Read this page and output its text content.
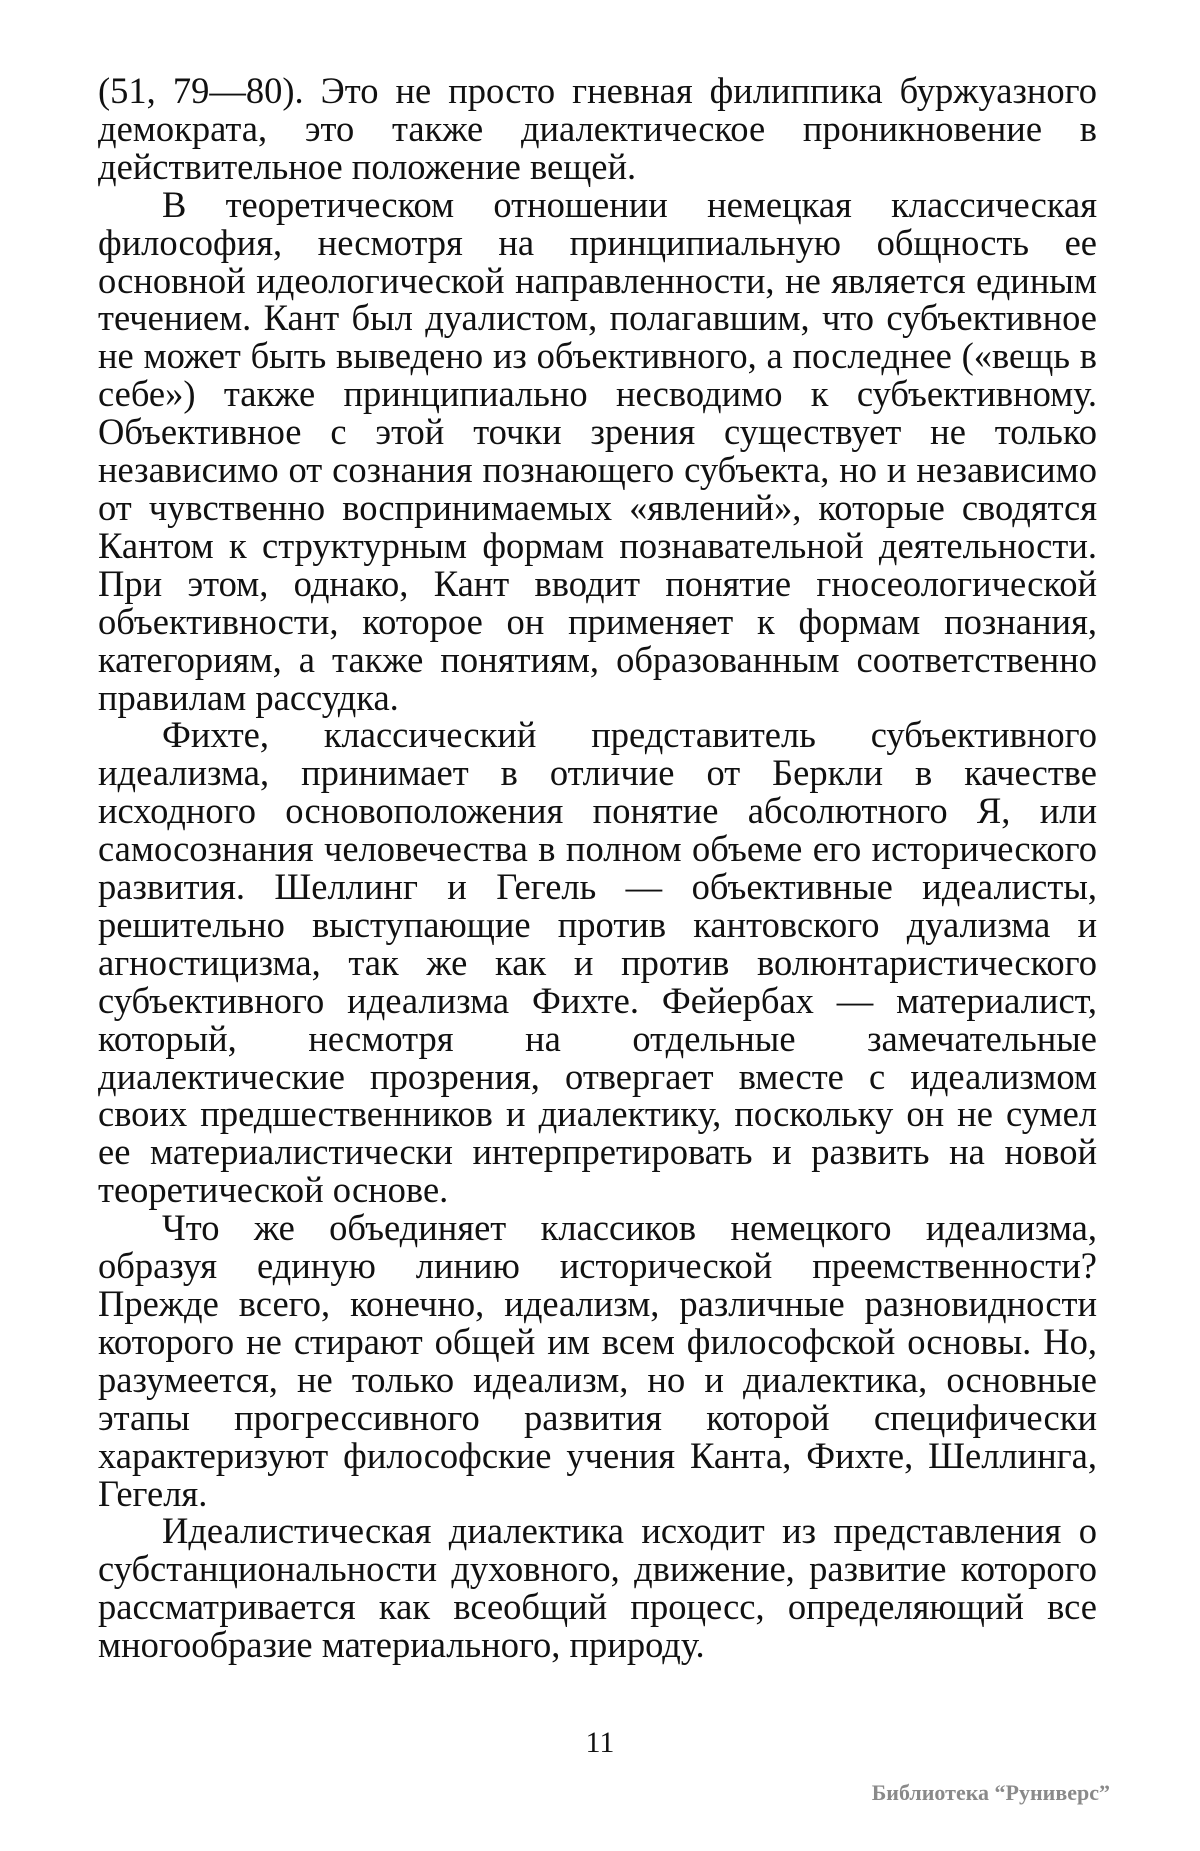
(51, 79—80). Это не просто гневная филиппика буржуазного демократа, это также диалектическое проникновение в действительное положение вещей.

В теоретическом отношении немецкая классическая философия, несмотря на принципиальную общность ее основной идеологической направленности, не является единым течением. Кант был дуалистом, полагавшим, что субъективное не может быть выведено из объективного, а последнее («вещь в себе») также принципиально несводимо к субъективному. Объективное с этой точки зрения существует не только независимо от сознания познающего субъекта, но и независимо от чувственно воспринимаемых «явлений», которые сводятся Кантом к структурным формам познавательной деятельности. При этом, однако, Кант вводит понятие гносеологической объективности, которое он применяет к формам познания, категориям, а также понятиям, образованным соответственно правилам рассудка.

Фихте, классический представитель субъективного идеализма, принимает в отличие от Беркли в качестве исходного основоположения понятие абсолютного Я, или самосознания человечества в полном объеме его исторического развития. Шеллинг и Гегель — объективные идеалисты, решительно выступающие против кантовского дуализма и агностицизма, так же как и против волюнтаристического субъективного идеализма Фихте. Фейербах — материалист, который, несмотря на отдельные замечательные диалектические прозрения, отвергает вместе с идеализмом своих предшественников и диалектику, поскольку он не сумел ее материалистически интерпретировать и развить на новой теоретической основе.

Что же объединяет классиков немецкого идеализма, образуя единую линию исторической преемственности? Прежде всего, конечно, идеализм, различные разновидности которого не стирают общей им всем философской основы. Но, разумеется, не только идеализм, но и диалектика, основные этапы прогрессивного развития которой специфически характеризуют философские учения Канта, Фихте, Шеллинга, Гегеля.

Идеалистическая диалектика исходит из представления о субстанциональности духовного, движение, развитие которого рассматривается как всеобщий процесс, определяющий все многообразие материального, природу.

11
Библиотека “Руниверс”
